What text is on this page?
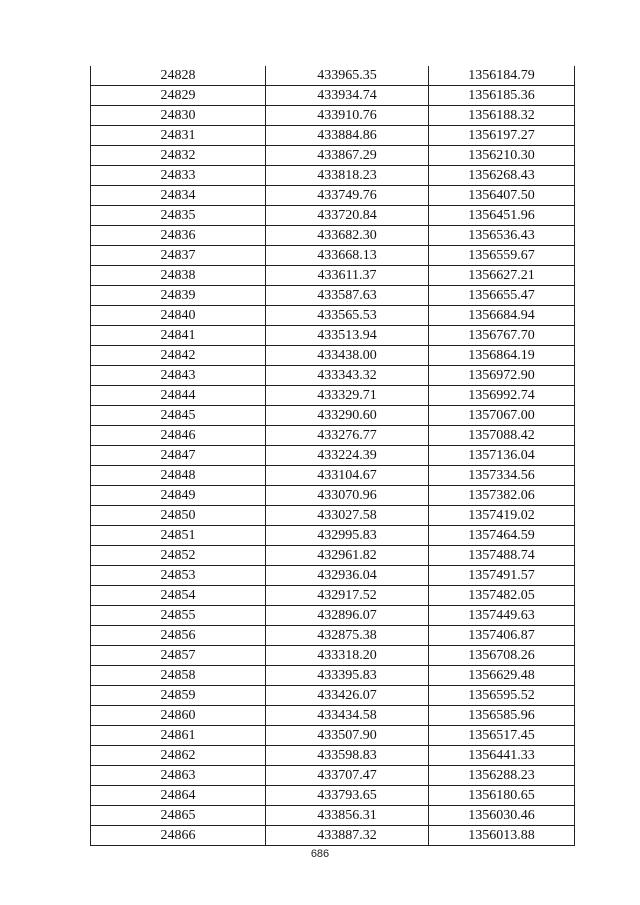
24828	433965.35	1356184.79
24829	433934.74	1356185.36
24830	433910.76	1356188.32
24831	433884.86	1356197.27
24832	433867.29	1356210.30
24833	433818.23	1356268.43
24834	433749.76	1356407.50
24835	433720.84	1356451.96
24836	433682.30	1356536.43
24837	433668.13	1356559.67
24838	433611.37	1356627.21
24839	433587.63	1356655.47
24840	433565.53	1356684.94
24841	433513.94	1356767.70
24842	433438.00	1356864.19
24843	433343.32	1356972.90
24844	433329.71	1356992.74
24845	433290.60	1357067.00
24846	433276.77	1357088.42
24847	433224.39	1357136.04
24848	433104.67	1357334.56
24849	433070.96	1357382.06
24850	433027.58	1357419.02
24851	432995.83	1357464.59
24852	432961.82	1357488.74
24853	432936.04	1357491.57
24854	432917.52	1357482.05
24855	432896.07	1357449.63
24856	432875.38	1357406.87
24857	433318.20	1356708.26
24858	433395.83	1356629.48
24859	433426.07	1356595.52
24860	433434.58	1356585.96
24861	433507.90	1356517.45
24862	433598.83	1356441.33
24863	433707.47	1356288.23
24864	433793.65	1356180.65
24865	433856.31	1356030.46
24866	433887.32	1356013.88
686
